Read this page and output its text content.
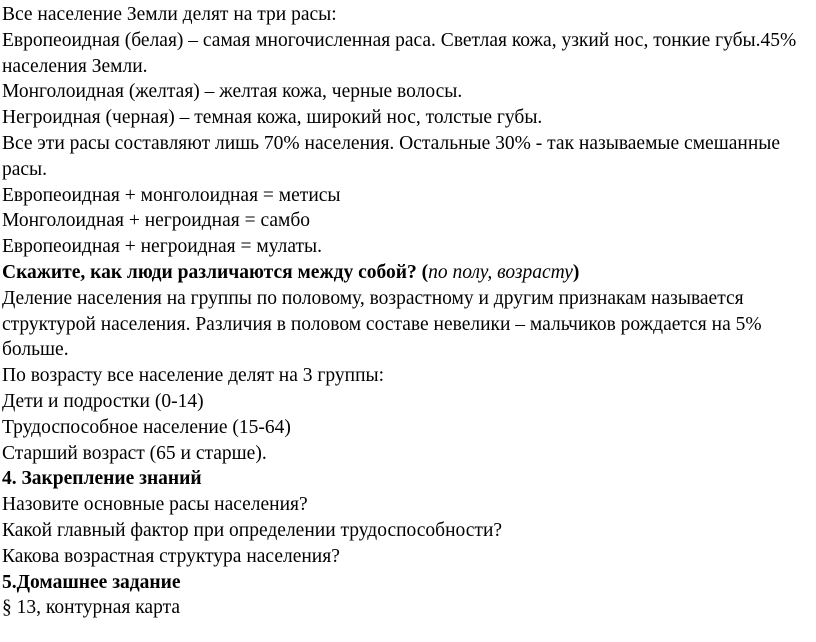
Все население Земли делят на три расы:

Европеоидная (белая) – самая многочисленная раса. Светлая кожа, узкий нос, тонкие губы.45% населения Земли.

Монголоидная (желтая) – желтая кожа, черные волосы.

Негроидная (черная) – темная кожа, широкий нос, толстые губы.

Все эти расы составляют лишь 70% населения. Остальные 30% - так называемые смешанные расы.

Европеоидная + монголоидная = метисы

Монголоидная + негроидная = самбо

Европеоидная + негроидная = мулаты.

Скажите, как люди различаются между собой? (по полу, возрасту)

Деление населения на группы по половому, возрастному и другим признакам называется структурой населения. Различия в половом составе невелики – мальчиков рождается на 5% больше.

По возрасту все население делят на 3 группы:

Дети и подростки (0-14)

Трудоспособное население (15-64)

Старший возраст (65 и старше).

4. Закрепление знаний

Назовите основные расы населения?

Какой главный фактор при определении трудоспособности?

Какова возрастная структура населения?

5.Домашнее задание

§ 13, контурная карта
